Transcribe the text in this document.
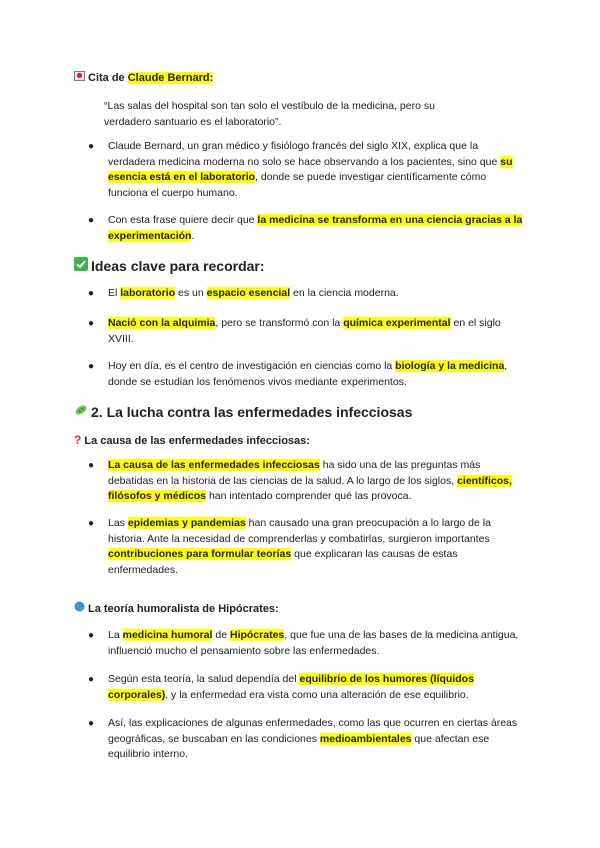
Cita de Claude Bernard:
“Las salas del hospital son tan solo el vestíbulo de la medicina, pero su
verdadero santuario es el laboratorio”.
● Claude Bernard, un gran médico y fisiólogo francés del siglo XIX, explica que la verdadera medicina moderna no solo se hace observando a los pacientes, sino que su esencia está en el laboratorio, donde se puede investigar científicamente cómo funciona el cuerpo humano.
● Con esta frase quiere decir que la medicina se transforma en una ciencia gracias a la experimentación.
Ideas clave para recordar:
● El laboratorio es un espacio esencial en la ciencia moderna.
● Nació con la alquimia, pero se transformó con la química experimental en el siglo XVIII.
● Hoy en día, es el centro de investigación en ciencias como la biología y la medicina, donde se estudian los fenómenos vivos mediante experimentos.
2. La lucha contra las enfermedades infecciosas
? La causa de las enfermedades infecciosas:
● La causa de las enfermedades infecciosas ha sido una de las preguntas más debatidas en la historia de las ciencias de la salud. A lo largo de los siglos, científicos, filósofos y médicos han intentado comprender qué las provoca.
● Las epidemias y pandemias han causado una gran preocupación a lo largo de la historia. Ante la necesidad de comprenderlas y combatirlas, surgieron importantes contribuciones para formular teorías que explicaran las causas de estas enfermedades.
La teoría humoralista de Hipócrates:
● La medicina humoral de Hipócrates, que fue una de las bases de la medicina antigua, influenció mucho el pensamiento sobre las enfermedades.
● Según esta teoría, la salud dependía del equilibrio de los humores (líquidos corporales), y la enfermedad era vista como una alteración de ese equilibrio.
● Así, las explicaciones de algunas enfermedades, como las que ocurren en ciertas áreas geográficas, se buscaban en las condiciones medioambientales que afectan ese equilibrio interno.
